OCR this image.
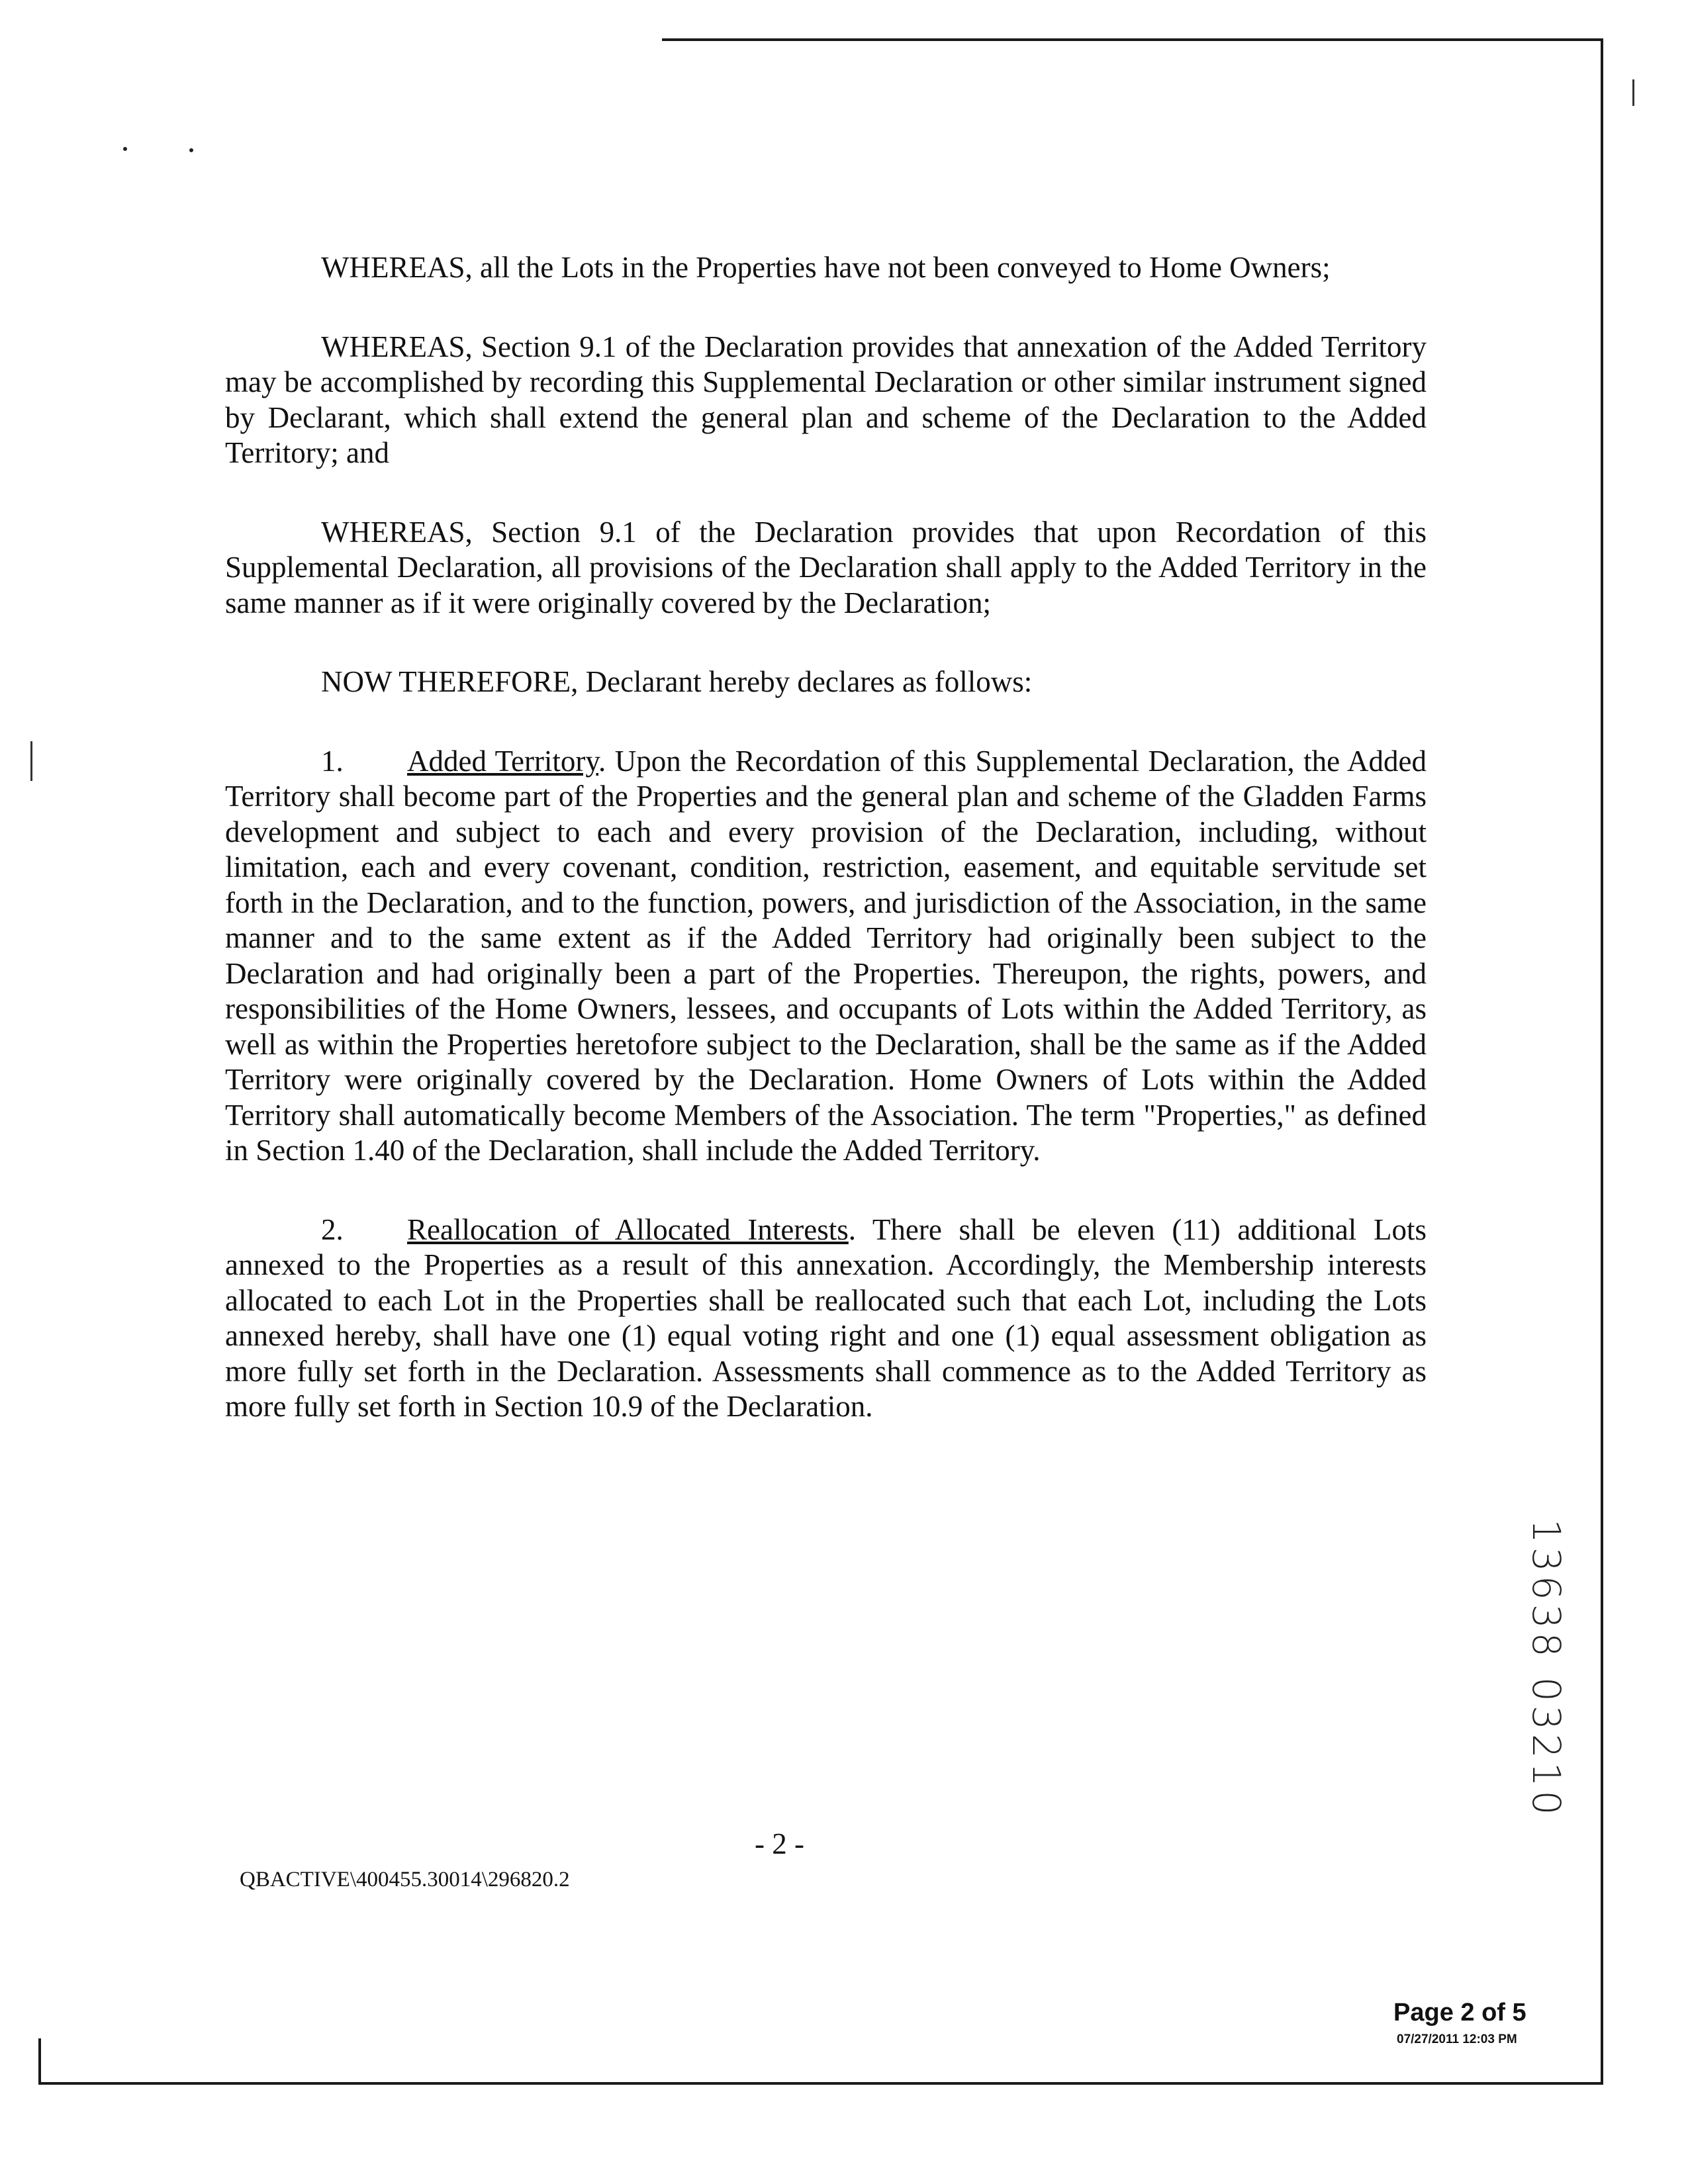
WHEREAS, all the Lots in the Properties have not been conveyed to Home Owners;

WHEREAS, Section 9.1 of the Declaration provides that annexation of the Added Territory may be accomplished by recording this Supplemental Declaration or other similar instrument signed by Declarant, which shall extend the general plan and scheme of the Declaration to the Added Territory; and

WHEREAS, Section 9.1 of the Declaration provides that upon Recordation of this Supplemental Declaration, all provisions of the Declaration shall apply to the Added Territory in the same manner as if it were originally covered by the Declaration;

NOW THEREFORE, Declarant hereby declares as follows:

1. Added Territory. Upon the Recordation of this Supplemental Declaration, the Added Territory shall become part of the Properties and the general plan and scheme of the Gladden Farms development and subject to each and every provision of the Declaration, including, without limitation, each and every covenant, condition, restriction, easement, and equitable servitude set forth in the Declaration, and to the function, powers, and jurisdiction of the Association, in the same manner and to the same extent as if the Added Territory had originally been subject to the Declaration and had originally been a part of the Properties. Thereupon, the rights, powers, and responsibilities of the Home Owners, lessees, and occupants of Lots within the Added Territory, as well as within the Properties heretofore subject to the Declaration, shall be the same as if the Added Territory were originally covered by the Declaration. Home Owners of Lots within the Added Territory shall automatically become Members of the Association. The term "Properties," as defined in Section 1.40 of the Declaration, shall include the Added Territory.

2. Reallocation of Allocated Interests. There shall be eleven (11) additional Lots annexed to the Properties as a result of this annexation. Accordingly, the Membership interests allocated to each Lot in the Properties shall be reallocated such that each Lot, including the Lots annexed hereby, shall have one (1) equal voting right and one (1) equal assessment obligation as more fully set forth in the Declaration. Assessments shall commence as to the Added Territory as more fully set forth in Section 10.9 of the Declaration.

- 2 -
QBACTIVE\400455.30014\296820.2
13638 03210
Page 2 of 5
07/27/2011 12:03 PM
